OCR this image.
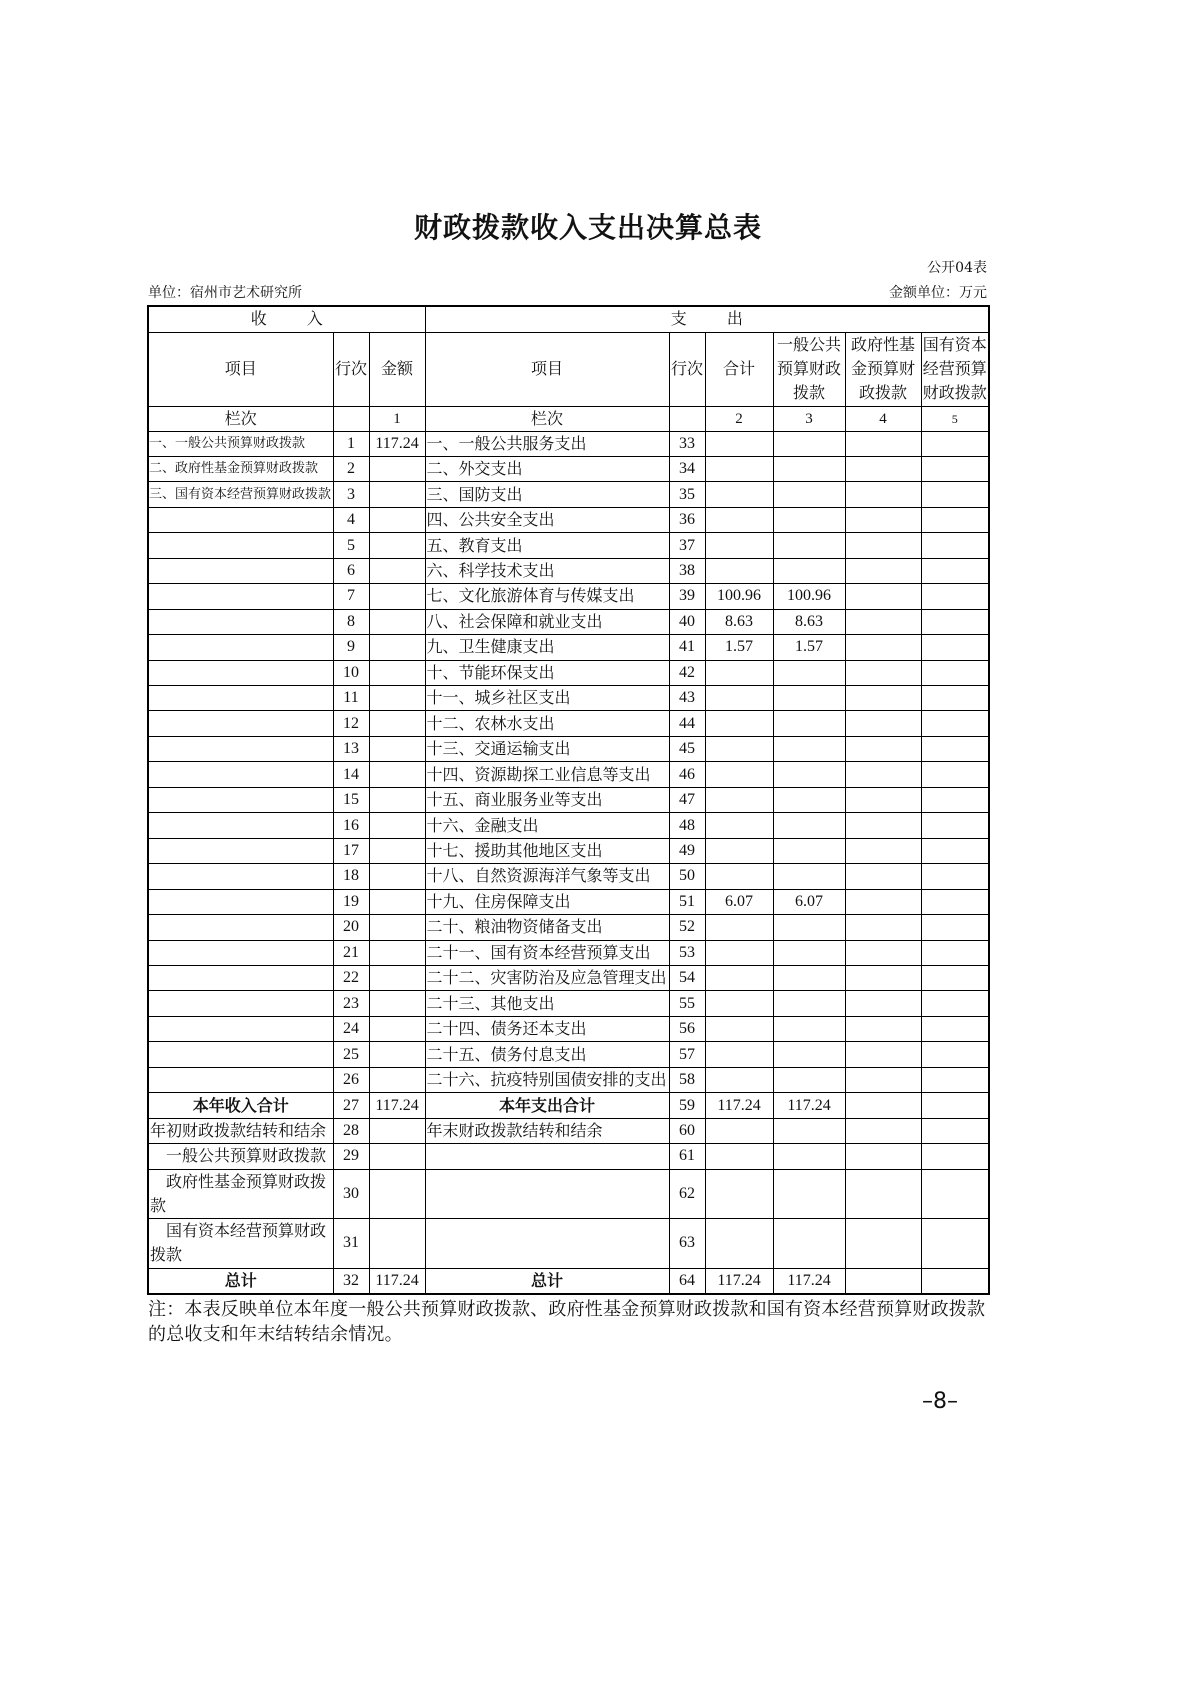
财政拨款收入支出决算总表
公开04表
单位：宿州市艺术研究所	金额单位：万元
收 入			支 出					
项目	行次	金额	项目	行次	合计	一般公共预算财政拨款	政府性基金预算财政拨款	国有资本经营预算财政拨款
栏次		1	栏次		2	3	4	5
一、一般公共预算财政拨款	1	117.24	一、一般公共服务支出	33				
二、政府性基金预算财政拨款	2		二、外交支出	34				
三、国有资本经营预算财政拨款	3		三、国防支出	35				
	4		四、公共安全支出	36				
	5		五、教育支出	37				
	6		六、科学技术支出	38				
	7		七、文化旅游体育与传媒支出	39	100.96	100.96		
	8		八、社会保障和就业支出	40	8.63	8.63		
	9		九、卫生健康支出	41	1.57	1.57		
	10		十、节能环保支出	42				
	11		十一、城乡社区支出	43				
	12		十二、农林水支出	44				
	13		十三、交通运输支出	45				
	14		十四、资源勘探工业信息等支出	46				
	15		十五、商业服务业等支出	47				
	16		十六、金融支出	48				
	17		十七、援助其他地区支出	49				
	18		十八、自然资源海洋气象等支出	50				
	19		十九、住房保障支出	51	6.07	6.07		
	20		二十、粮油物资储备支出	52				
	21		二十一、国有资本经营预算支出	53				
	22		二十二、灾害防治及应急管理支出	54				
	23		二十三、其他支出	55				
	24		二十四、债务还本支出	56				
	25		二十五、债务付息支出	57				
	26		二十六、抗疫特别国债安排的支出	58				
本年收入合计	27	117.24	本年支出合计	59	117.24	117.24		
年初财政拨款结转和结余	28		年末财政拨款结转和结余	60				
一般公共预算财政拨款	29			61				
政府性基金预算财政拨款	30			62				
国有资本经营预算财政拨款	31			63				
总计	32	117.24	总计	64	117.24	117.24		
注：本表反映单位本年度一般公共预算财政拨款、政府性基金预算财政拨款和国有资本经营预算财政拨款的总收支和年末结转结余情况。
–8–
